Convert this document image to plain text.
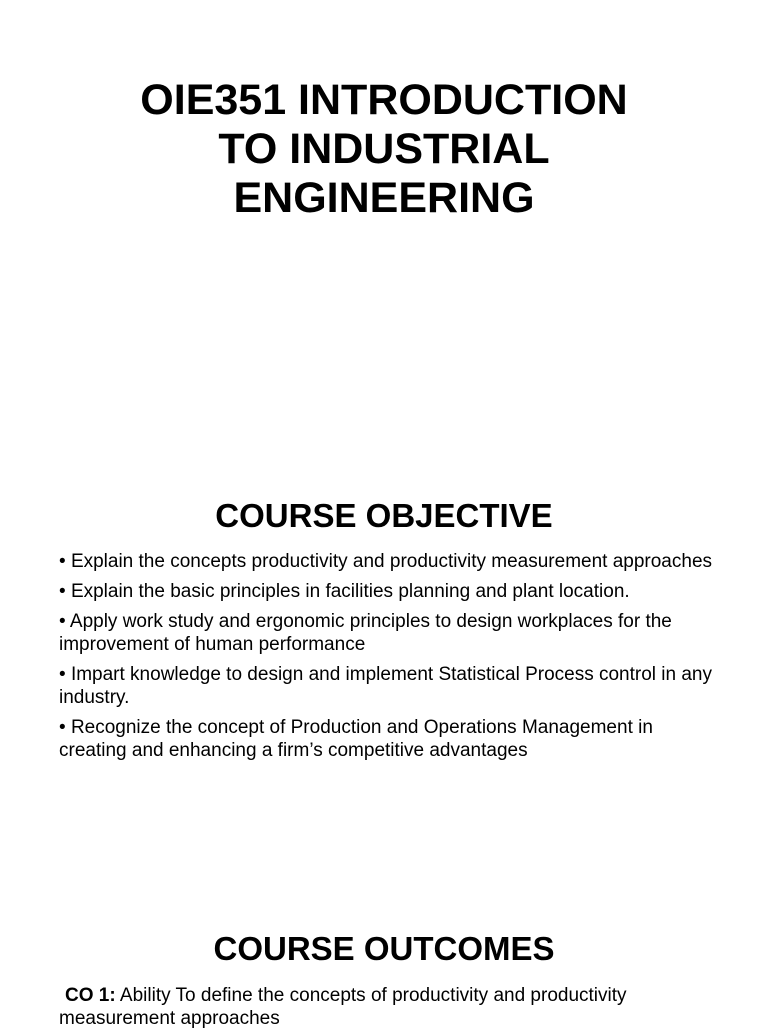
OIE351 INTRODUCTION
TO INDUSTRIAL
ENGINEERING
COURSE OBJECTIVE
• Explain the concepts productivity and productivity measurement approaches
• Explain the basic principles in facilities planning and plant location.
• Apply work study and ergonomic principles to design workplaces for the improvement of human performance
• Impart knowledge to design and implement Statistical Process control in any industry.
• Recognize the concept of Production and Operations Management in creating and enhancing a firm’s competitive advantages
COURSE OUTCOMES

CO 1: Ability To define the concepts of productivity and productivity measurement approaches
